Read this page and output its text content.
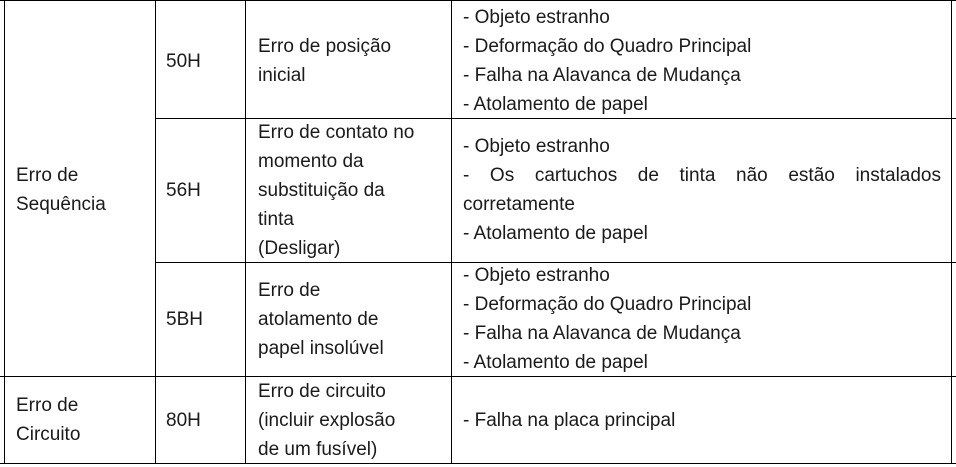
Erro de
Sequência
50H
Erro de posição
inicial
- Objeto estranho
- Deformação do Quadro Principal
- Falha na Alavanca de Mudança
- Atolamento de papel
56H
Erro de contato no
momento da
substituição da
tinta
(Desligar)
- Objeto estranho
- Os cartuchos de tinta não estão instalados
corretamente
- Atolamento de papel
5BH
Erro de
atolamento de
papel insolúvel
- Objeto estranho
- Deformação do Quadro Principal
- Falha na Alavanca de Mudança
- Atolamento de papel
Erro de
Circuito
80H
Erro de circuito
(incluir explosão
de um fusível)
- Falha na placa principal
